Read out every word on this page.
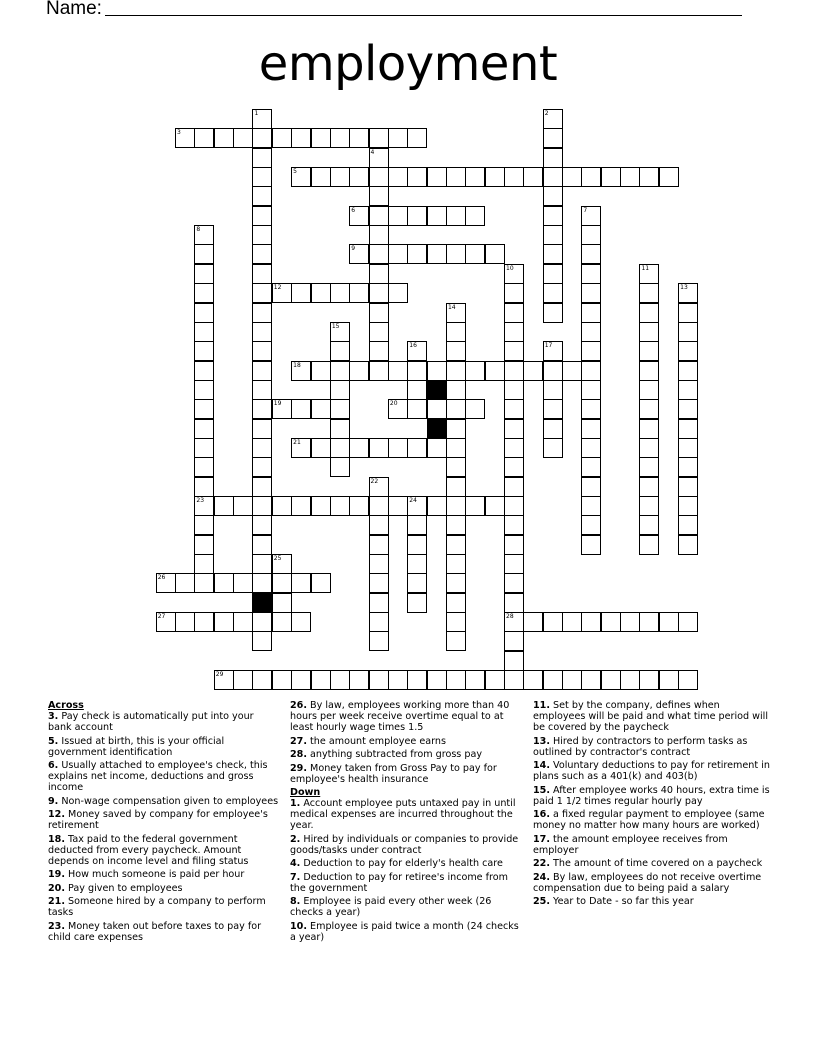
Name:
employment
1	2
3
4
5
6	7
8
23
9
10
28
11
12	13
14
15
16	17
18
19	20
21
22
24
25
26
27
29
Across
3. Pay check is automatically put into your bank account
5. Issued at birth, this is your official government identification
6. Usually attached to employee's check, this explains net income, deductions and gross income
9. Non-wage compensation given to employees
12. Money saved by company for employee's retirement
18. Tax paid to the federal government deducted from every paycheck. Amount depends on income level and filing status
19. How much someone is paid per hour
20. Pay given to employees
21. Someone hired by a company to perform tasks
23. Money taken out before taxes to pay for child care expenses
26. By law, employees working more than 40 hours per week receive overtime equal to at least hourly wage times 1.5
27. the amount employee earns
28. anything subtracted from gross pay
29. Money taken from Gross Pay to pay for employee's health insurance
Down
1. Account employee puts untaxed pay in until medical expenses are incurred throughout the year.
2. Hired by individuals or companies to provide goods/tasks under contract
4. Deduction to pay for elderly's health care
7. Deduction to pay for retiree's income from the government
8. Employee is paid every other week (26 checks a year)
10. Employee is paid twice a month (24 checks a year)
11. Set by the company, defines when employees will be paid and what time period will be covered by the paycheck
13. Hired by contractors to perform tasks as outlined by contractor's contract
14. Voluntary deductions to pay for retirement in plans such as a 401(k) and 403(b)
15. After employee works 40 hours, extra time is paid 1 1/2 times regular hourly pay
16. a fixed regular payment to employee (same money no matter how many hours are worked)
17. the amount employee receives from employer
22. The amount of time covered on a paycheck
24. By law, employees do not receive overtime compensation due to being paid a salary
25. Year to Date - so far this year
